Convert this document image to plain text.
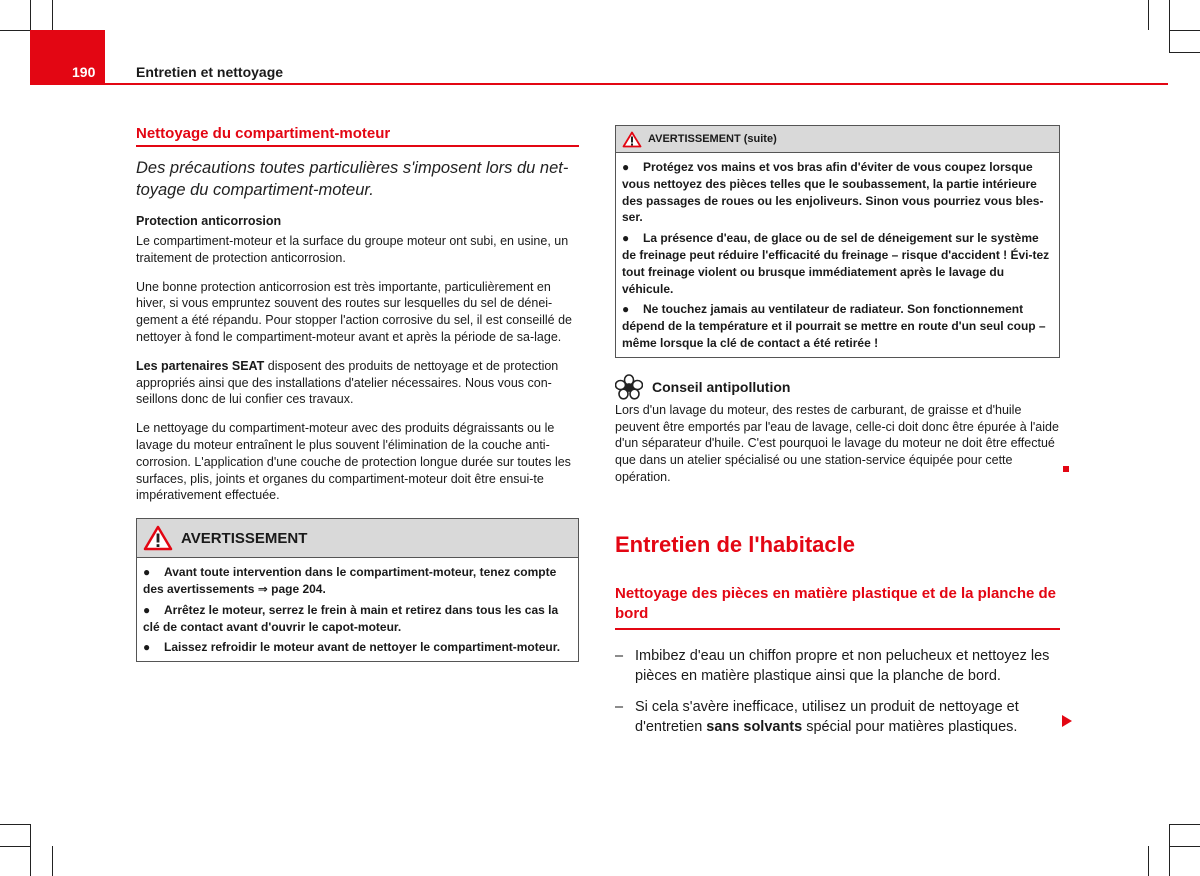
190	Entretien et nettoyage
Nettoyage du compartiment-moteur
Des précautions toutes particulières s'imposent lors du net-toyage du compartiment-moteur.
Protection anticorrosion

Le compartiment-moteur et la surface du groupe moteur ont subi, en usine, un traitement de protection anticorrosion.

Une bonne protection anticorrosion est très importante, particulièrement en hiver, si vous empruntez souvent des routes sur lesquelles du sel de dénei-gement a été répandu. Pour stopper l'action corrosive du sel, il est conseillé de nettoyer à fond le compartiment-moteur avant et après la période de sa-lage.

Les partenaires SEAT disposent des produits de nettoyage et de protection appropriés ainsi que des installations d'atelier nécessaires. Nous vous con-seillons donc de lui confier ces travaux.

Le nettoyage du compartiment-moteur avec des produits dégraissants ou le lavage du moteur entraînent le plus souvent l'élimination de la couche anti-corrosion. L'application d'une couche de protection longue durée sur toutes les surfaces, plis, joints et organes du compartiment-moteur doit être ensui-te impérativement effectuée.

AVERTISSEMENT
● Avant toute intervention dans le compartiment-moteur, tenez compte des avertissements ⇒ page 204.
● Arrêtez le moteur, serrez le frein à main et retirez dans tous les cas la clé de contact avant d'ouvrir le capot-moteur.
● Laissez refroidir le moteur avant de nettoyer le compartiment-moteur.
AVERTISSEMENT (suite)
● Protégez vos mains et vos bras afin d'éviter de vous coupez lorsque vous nettoyez des pièces telles que le soubassement, la partie intérieure des passages de roues ou les enjoliveurs. Sinon vous pourriez vous bles-ser.
● La présence d'eau, de glace ou de sel de déneigement sur le système de freinage peut réduire l'efficacité du freinage – risque d'accident ! Évi-tez tout freinage violent ou brusque immédiatement après le lavage du véhicule.
● Ne touchez jamais au ventilateur de radiateur. Son fonctionnement dépend de la température et il pourrait se mettre en route d'un seul coup – même lorsque la clé de contact a été retirée !
Conseil antipollution

Lors d'un lavage du moteur, des restes de carburant, de graisse et d'huile peuvent être emportés par l'eau de lavage, celle-ci doit donc être épurée à l'aide d'un séparateur d'huile. C'est pourquoi le lavage du moteur ne doit être effectué que dans un atelier spécialisé ou une station-service équipée pour cette opération.

Entretien de l'habitacle
Nettoyage des pièces en matière plastique et de la planche de bord
– Imbibez d'eau un chiffon propre et non pelucheux et nettoyez les pièces en matière plastique ainsi que la planche de bord.
– Si cela s'avère inefficace, utilisez un produit de nettoyage et d'entretien sans solvants spécial pour matières plastiques.
